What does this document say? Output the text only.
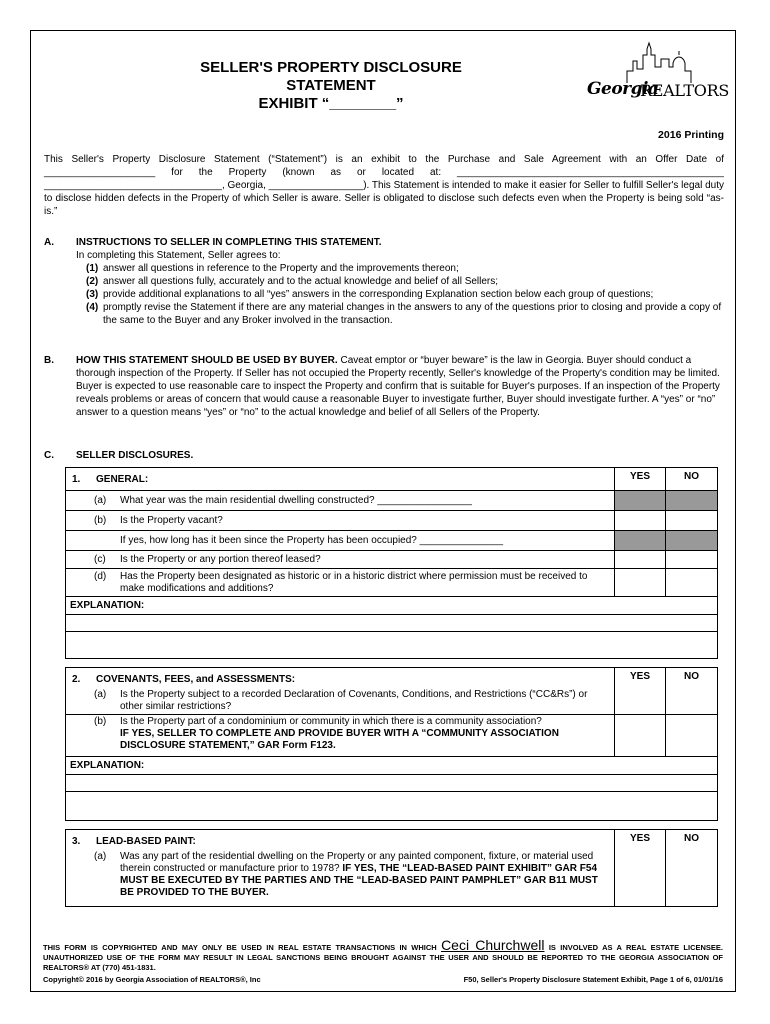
SELLER'S PROPERTY DISCLOSURE STATEMENT
EXHIBIT “________”
Georgia
REALTORS
2016 Printing
This Seller's Property Disclosure Statement (“Statement”) is an exhibit to the Purchase and Sale Agreement with an Offer Date of ____________________ for the Property (known as or located at: ________________________________________________ ________________________________, Georgia, _________________). This Statement is intended to make it easier for Seller to fulfill Seller's legal duty to disclose hidden defects in the Property of which Seller is aware. Seller is obligated to disclose such defects even when the Property is being sold “as-is.”
A. INSTRUCTIONS TO SELLER IN COMPLETING THIS STATEMENT.
In completing this Statement, Seller agrees to:
(1) answer all questions in reference to the Property and the improvements thereon;
(2) answer all questions fully, accurately and to the actual knowledge and belief of all Sellers;
(3) provide additional explanations to all “yes” answers in the corresponding Explanation section below each group of questions;
(4) promptly revise the Statement if there are any material changes in the answers to any of the questions prior to closing and provide a copy of the same to the Buyer and any Broker involved in the transaction.
B. HOW THIS STATEMENT SHOULD BE USED BY BUYER. Caveat emptor or “buyer beware” is the law in Georgia. Buyer should conduct a thorough inspection of the Property. If Seller has not occupied the Property recently, Seller's knowledge of the Property's condition may be limited. Buyer is expected to use reasonable care to inspect the Property and confirm that is suitable for Buyer's purposes. If an inspection of the Property reveals problems or areas of concern that would cause a reasonable Buyer to investigate further, Buyer should investigate further. A “yes” or “no” answer to a question means “yes” or “no” to the actual knowledge and belief of all Sellers of the Property.
C. SELLER DISCLOSURES.
1. GENERAL:	YES	NO
(a) What year was the main residential dwelling constructed? _________________
(b) Is the Property vacant?
If yes, how long has it been since the Property has been occupied? _______________
(c) Is the Property or any portion thereof leased?
(d) Has the Property been designated as historic or in a historic district where permission must be received to make modifications and additions?
EXPLANATION:
2. COVENANTS, FEES, and ASSESSMENTS:	YES	NO
(a) Is the Property subject to a recorded Declaration of Covenants, Conditions, and Restrictions (“CC&Rs”) or other similar restrictions?
(b) Is the Property part of a condominium or community in which there is a community association?
IF YES, SELLER TO COMPLETE AND PROVIDE BUYER WITH A “COMMUNITY ASSOCIATION DISCLOSURE STATEMENT,” GAR Form F123.
EXPLANATION:
3. LEAD-BASED PAINT:	YES	NO
(a) Was any part of the residential dwelling on the Property or any painted component, fixture, or material used therein constructed or manufacture prior to 1978? IF YES, THE “LEAD-BASED PAINT EXHIBIT” GAR F54 MUST BE EXECUTED BY THE PARTIES AND THE “LEAD-BASED PAINT PAMPHLET” GAR B11 MUST BE PROVIDED TO THE BUYER.
THIS FORM IS COPYRIGHTED AND MAY ONLY BE USED IN REAL ESTATE TRANSACTIONS IN WHICH Ceci Churchwell IS INVOLVED AS A REAL ESTATE LICENSEE. UNAUTHORIZED USE OF THE FORM MAY RESULT IN LEGAL SANCTIONS BEING BROUGHT AGAINST THE USER AND SHOULD BE REPORTED TO THE GEORGIA ASSOCIATION OF REALTORS® AT (770) 451-1831.
Copyright© 2016 by Georgia Association of REALTORS®, Inc	F50, Seller's Property Disclosure Statement Exhibit, Page 1 of 6, 01/01/16
